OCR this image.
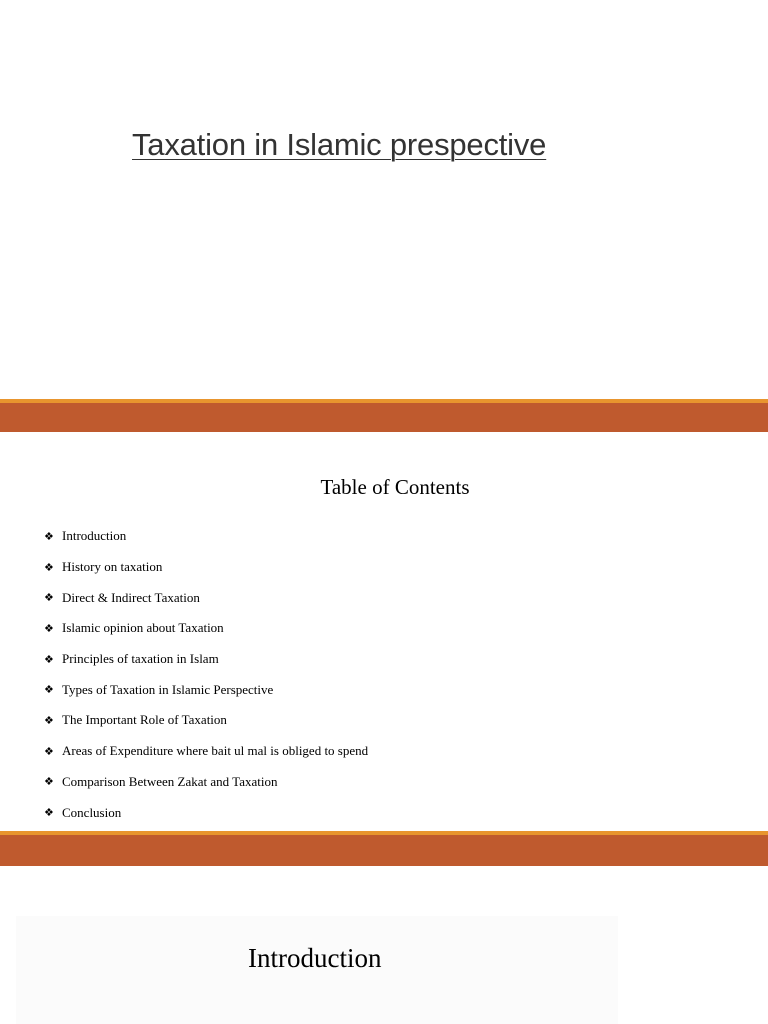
Taxation in Islamic prespective
Table of Contents
❖ Introduction
❖ History on taxation
❖ Direct & Indirect Taxation
❖ Islamic opinion about Taxation
❖ Principles of taxation in Islam
❖ Types of Taxation in Islamic Perspective
❖ The Important Role of Taxation
❖ Areas of Expenditure where bait ul mal is obliged to spend
❖ Comparison Between Zakat and Taxation
❖ Conclusion
Introduction
